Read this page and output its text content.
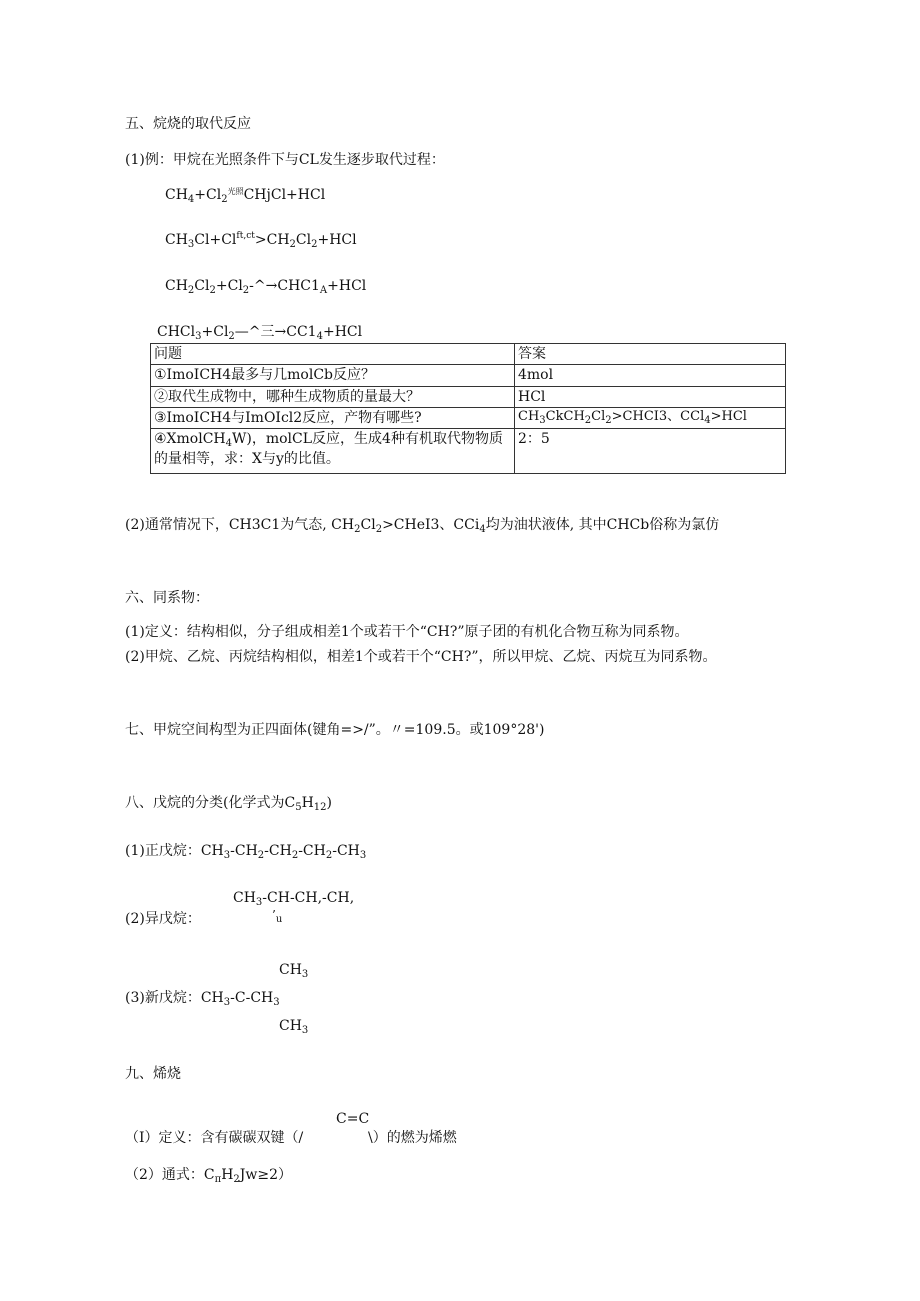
五、烷烧的取代反应
(1)例：甲烷在光照条件下与CL发生逐步取代过程：
$CH_4+Cl_2^{光照}CHjCl+HCl$
$CH_3Cl+Cl^{ft,ct}>CH_2Cl_2+HCl$
$CH_2Cl_2+Cl_2-\^{}\to CHC1_A+HCl$
$CHCl_3+Cl_2—\^{}$三$\to CC1_4+HCl$
问题	答案
①ImoICH4最多与几molCb反应？	4mol
②取代生成物中，哪种生成物质的量最大？	HCl
③ImoICH4与ImOIcl2反应，产物有哪些?	$CH_3CkCH_2Cl_2>CHCI3$、CCl$_4$>HCl
④XmolCH$_4$W)，molCL反应，生成4种有机取代物物质的量相等，求：X与y的比值。	2：5
(2)通常情况下，CH3C1为气态, $CH_2Cl_2>CHeI3$、CCi$_4$均为油状液体, 其中CHCb俗称为氯仿
六、同系物：
(1)定义：结构相似，分子组成相差1个或若干个“CH?”原子团的有机化合物互称为同系物。
(2)甲烷、乙烷、丙烷结构相似，相差1个或若干个“CH?”，所以甲烷、乙烷、丙烷互为同系物。
七、甲烷空间构型为正四面体(键角=>/”。〃=109.5。或109°28')
八、戊烷的分类(化学式为$C_5H_{12}$)
(1)正戊烷：$CH_3-CH_2-CH_2-CH_2-CH_3$
$CH_3-CH-CH,-CH$,
$’_u$
(2)异戊烷：
$CH_3$
(3)新戊烷：$CH_3-C-CH_3$
$CH_3$
九、烯烧
C=C
（I）定义：含有碳碳双键（/	\）的燃为烯燃
（2）通式：$C_\pi H_2Jw\ge 2$）
